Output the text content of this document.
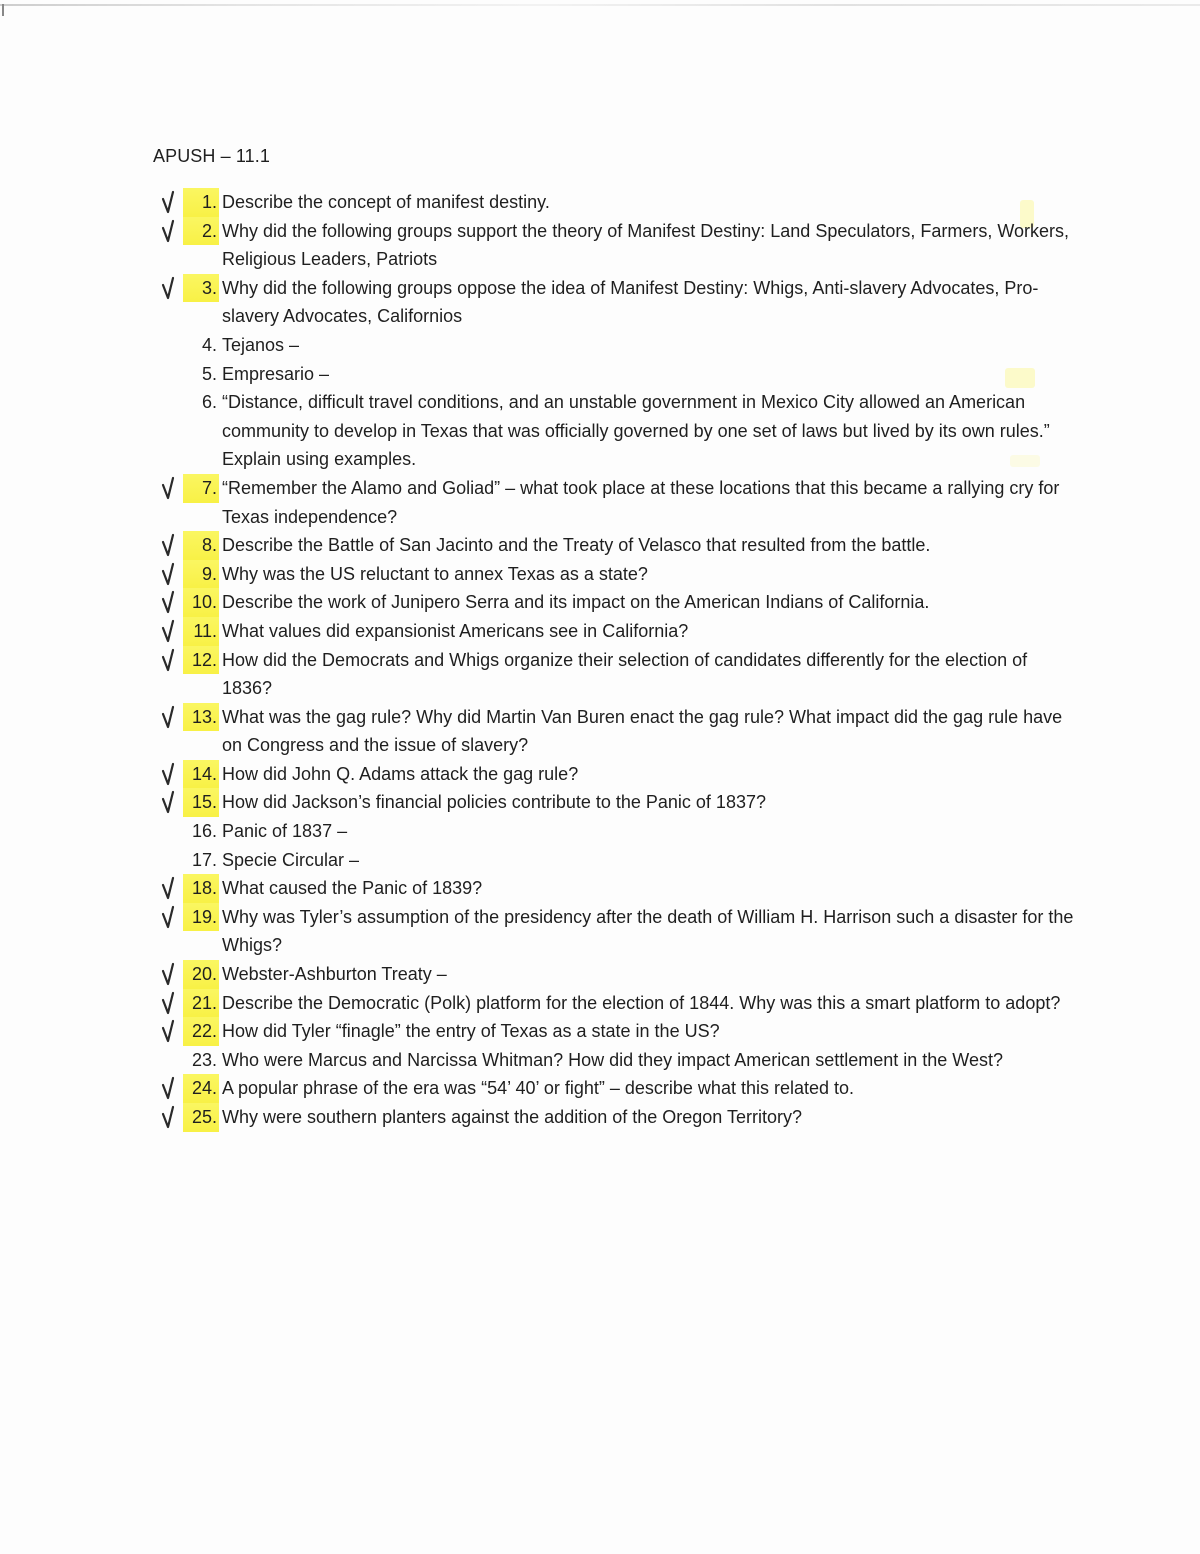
APUSH – 11.1
1. Describe the concept of manifest destiny.
2. Why did the following groups support the theory of Manifest Destiny: Land Speculators, Farmers, Workers, Religious Leaders, Patriots
3. Why did the following groups oppose the idea of Manifest Destiny: Whigs, Anti-slavery Advocates, Pro-slavery Advocates, Californios
4. Tejanos –
5. Empresario –
6. “Distance, difficult travel conditions, and an unstable government in Mexico City allowed an American community to develop in Texas that was officially governed by one set of laws but lived by its own rules.” Explain using examples.
7. “Remember the Alamo and Goliad” – what took place at these locations that this became a rallying cry for Texas independence?
8. Describe the Battle of San Jacinto and the Treaty of Velasco that resulted from the battle.
9. Why was the US reluctant to annex Texas as a state?
10. Describe the work of Junipero Serra and its impact on the American Indians of California.
11. What values did expansionist Americans see in California?
12. How did the Democrats and Whigs organize their selection of candidates differently for the election of 1836?
13. What was the gag rule? Why did Martin Van Buren enact the gag rule? What impact did the gag rule have on Congress and the issue of slavery?
14. How did John Q. Adams attack the gag rule?
15. How did Jackson’s financial policies contribute to the Panic of 1837?
16. Panic of 1837 –
17. Specie Circular –
18. What caused the Panic of 1839?
19. Why was Tyler’s assumption of the presidency after the death of William H. Harrison such a disaster for the Whigs?
20. Webster-Ashburton Treaty –
21. Describe the Democratic (Polk) platform for the election of 1844. Why was this a smart platform to adopt?
22. How did Tyler “finagle” the entry of Texas as a state in the US?
23. Who were Marcus and Narcissa Whitman? How did they impact American settlement in the West?
24. A popular phrase of the era was “54’ 40’ or fight” – describe what this related to.
25. Why were southern planters against the addition of the Oregon Territory?
